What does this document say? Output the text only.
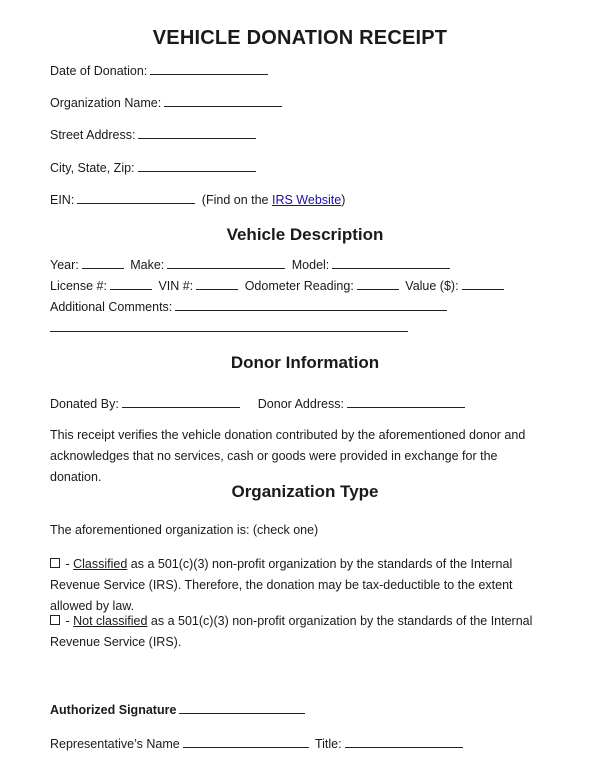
VEHICLE DONATION RECEIPT
Date of Donation:
Organization Name:
Street Address:
City, State, Zip:
EIN:	(Find on the IRS Website)
Vehicle Description
Year:	Make:	Model:
License #:	VIN #:	Odometer Reading:	Value ($):
Additional Comments:
Donor Information
Donated By:	Donor Address:
This receipt verifies the vehicle donation contributed by the aforementioned donor and acknowledges that no services, cash or goods were provided in exchange for the donation.
Organization Type
The aforementioned organization is: (check one)
- Classified as a 501(c)(3) non-profit organization by the standards of the Internal Revenue Service (IRS). Therefore, the donation may be tax-deductible to the extent allowed by law.
- Not classified as a 501(c)(3) non-profit organization by the standards of the Internal Revenue Service (IRS).
Authorized Signature
Representative’s Name	Title:
